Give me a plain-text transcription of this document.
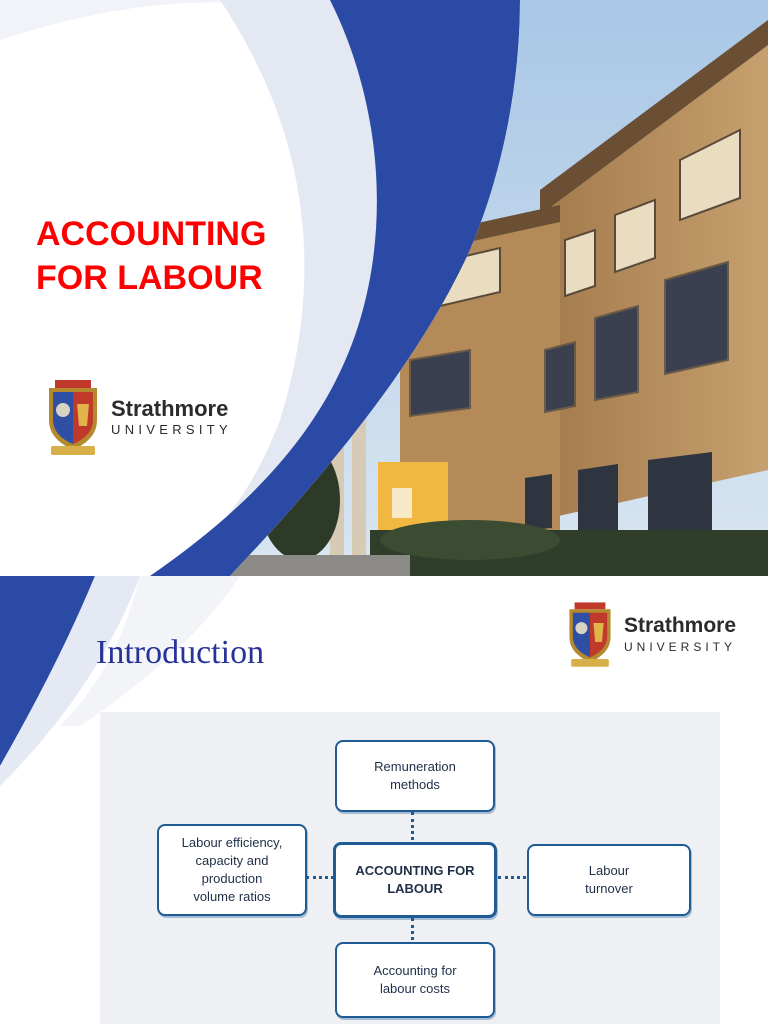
ACCOUNTING
FOR LABOUR
Strathmore
UNIVERSITY
Introduction
Strathmore
UNIVERSITY
Remuneration
methods
Labour efficiency,
capacity and
production
volume ratios
ACCOUNTING FOR
LABOUR
Labour
turnover
Accounting for
labour costs
